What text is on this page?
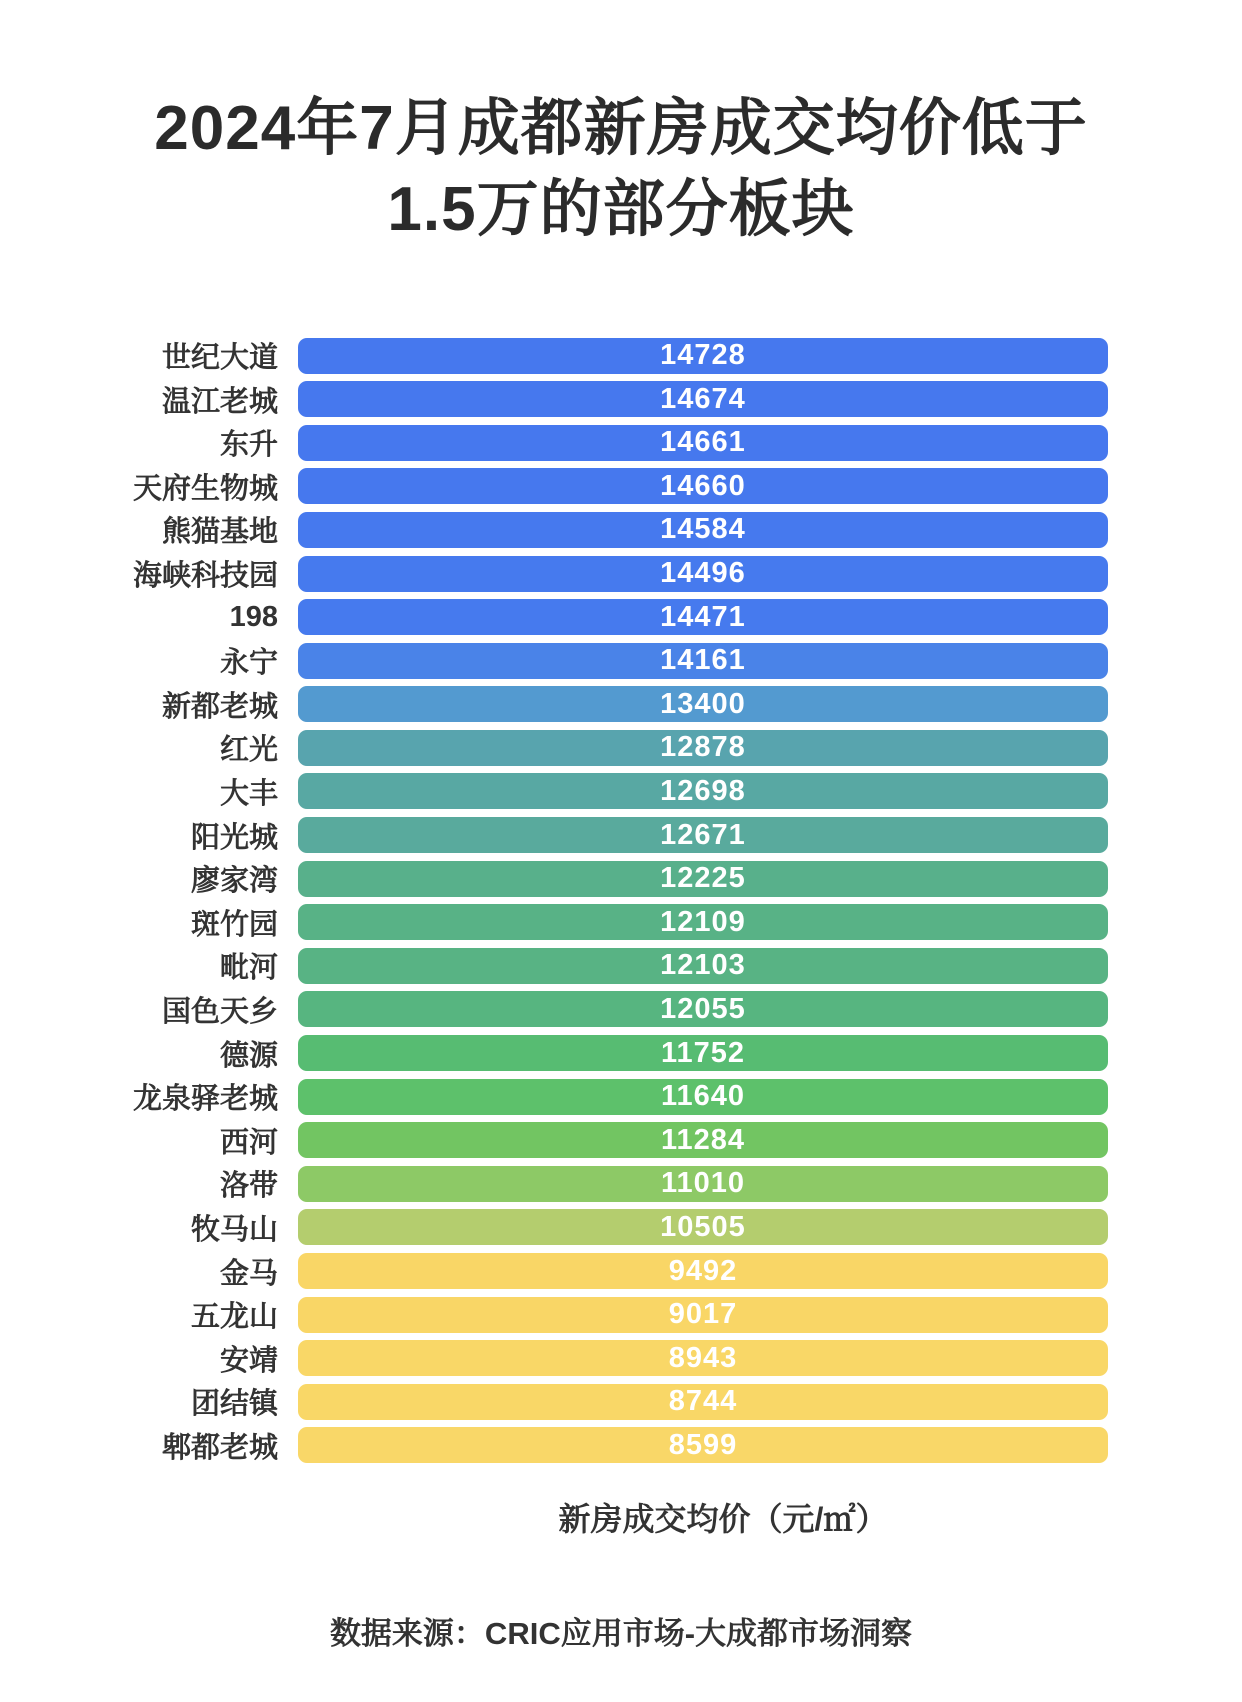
2024年7月成都新房成交均价低于
1.5万的部分板块
世纪大道	14728
温江老城	14674
东升	14661
天府生物城	14660
熊猫基地	14584
海峡科技园	14496
198	14471
永宁	14161
新都老城	13400
红光	12878
大丰	12698
阳光城	12671
廖家湾	12225
斑竹园	12109
毗河	12103
国色天乡	12055
德源	11752
龙泉驿老城	11640
西河	11284
洛带	11010
牧马山	10505
金马	9492
五龙山	9017
安靖	8943
团结镇	8744
郫都老城	8599
新房成交均价（元/㎡）
数据来源：CRIC应用市场-大成都市场洞察
